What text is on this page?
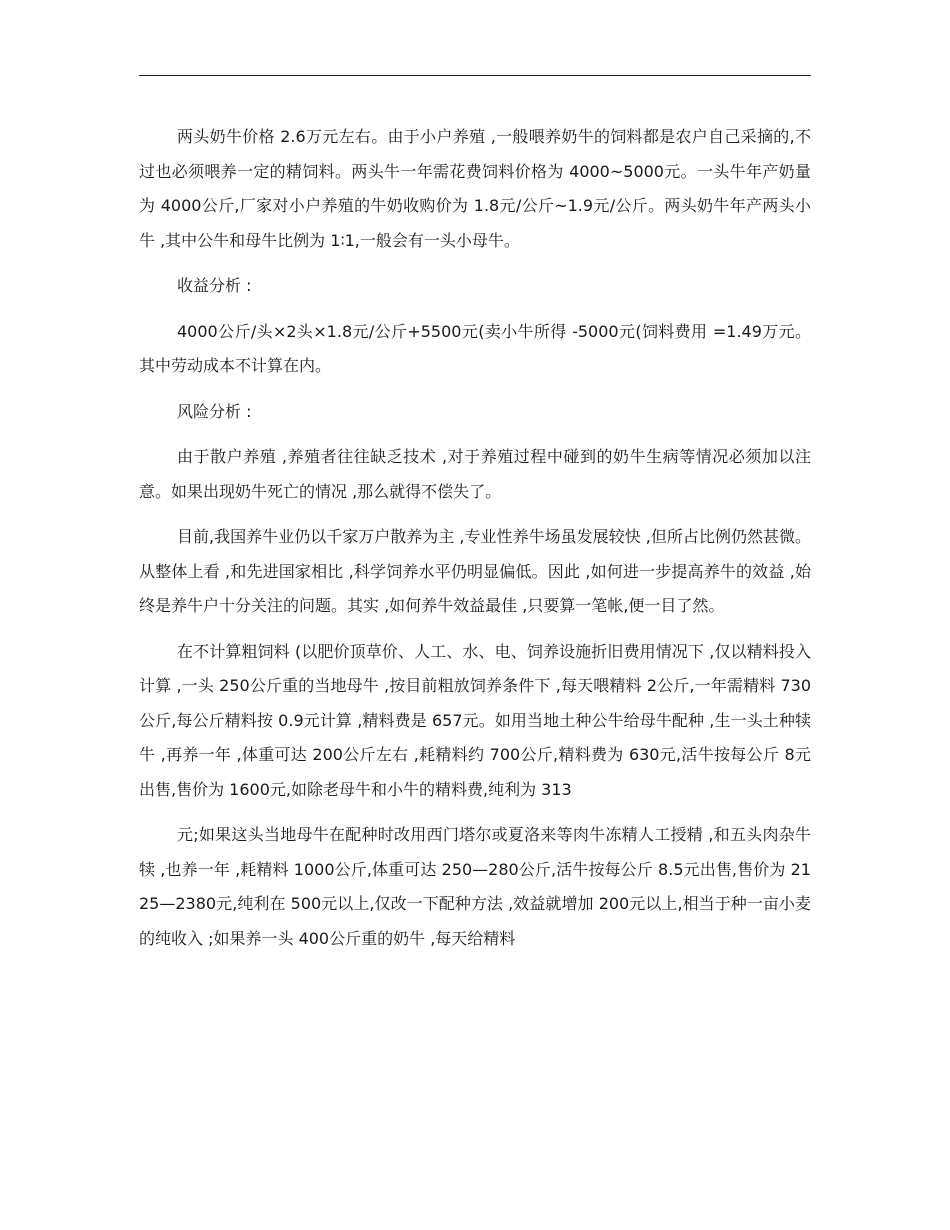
两头奶牛价格 2.6万元左右。由于小户养殖 ,一般喂养奶牛的饲料都是农户自己采摘的,不过也必须喂养一定的精饲料。两头牛一年需花费饲料价格为 4000~5000元。一头牛年产奶量为 4000公斤,厂家对小户养殖的牛奶收购价为 1.8元/公斤~1.9元/公斤。两头奶牛年产两头小牛 ,其中公牛和母牛比例为 1∶1,一般会有一头小母牛。

收益分析 :

4000公斤/头×2头×1.8元/公斤+5500元(卖小牛所得 -5000元(饲料费用 =1.49万元。其中劳动成本不计算在内。

风险分析 :

由于散户养殖 ,养殖者往往缺乏技术 ,对于养殖过程中碰到的奶牛生病等情况必须加以注意。如果出现奶牛死亡的情况 ,那么就得不偿失了。

目前,我国养牛业仍以千家万户散养为主 ,专业性养牛场虽发展较快 ,但所占比例仍然甚微。从整体上看 ,和先进国家相比 ,科学饲养水平仍明显偏低。因此 ,如何进一步提高养牛的效益 ,始终是养牛户十分关注的问题。其实 ,如何养牛效益最佳 ,只要算一笔帐,便一目了然。

在不计算粗饲料 (以肥价顶草价、人工、水、电、饲养设施折旧费用情况下 ,仅以精料投入计算 ,一头 250公斤重的当地母牛 ,按目前粗放饲养条件下 ,每天喂精料 2公斤,一年需精料 730公斤,每公斤精料按 0.9元计算 ,精料费是 657元。如用当地土种公牛给母牛配种 ,生一头土种犊牛 ,再养一年 ,体重可达 200公斤左右 ,耗精料约 700公斤,精料费为 630元,活牛按每公斤 8元出售,售价为 1600元,如除老母牛和小牛的精料费,纯利为 313

元;如果这头当地母牛在配种时改用西门塔尔或夏洛来等肉牛冻精人工授精 ,和五头肉杂牛犊 ,也养一年 ,耗精料 1000公斤,体重可达 250—280公斤,活牛按每公斤 8.5元出售,售价为 2125—2380元,纯利在 500元以上,仅改一下配种方法 ,效益就增加 200元以上,相当于种一亩小麦的纯收入 ;如果养一头 400公斤重的奶牛 ,每天给精料
